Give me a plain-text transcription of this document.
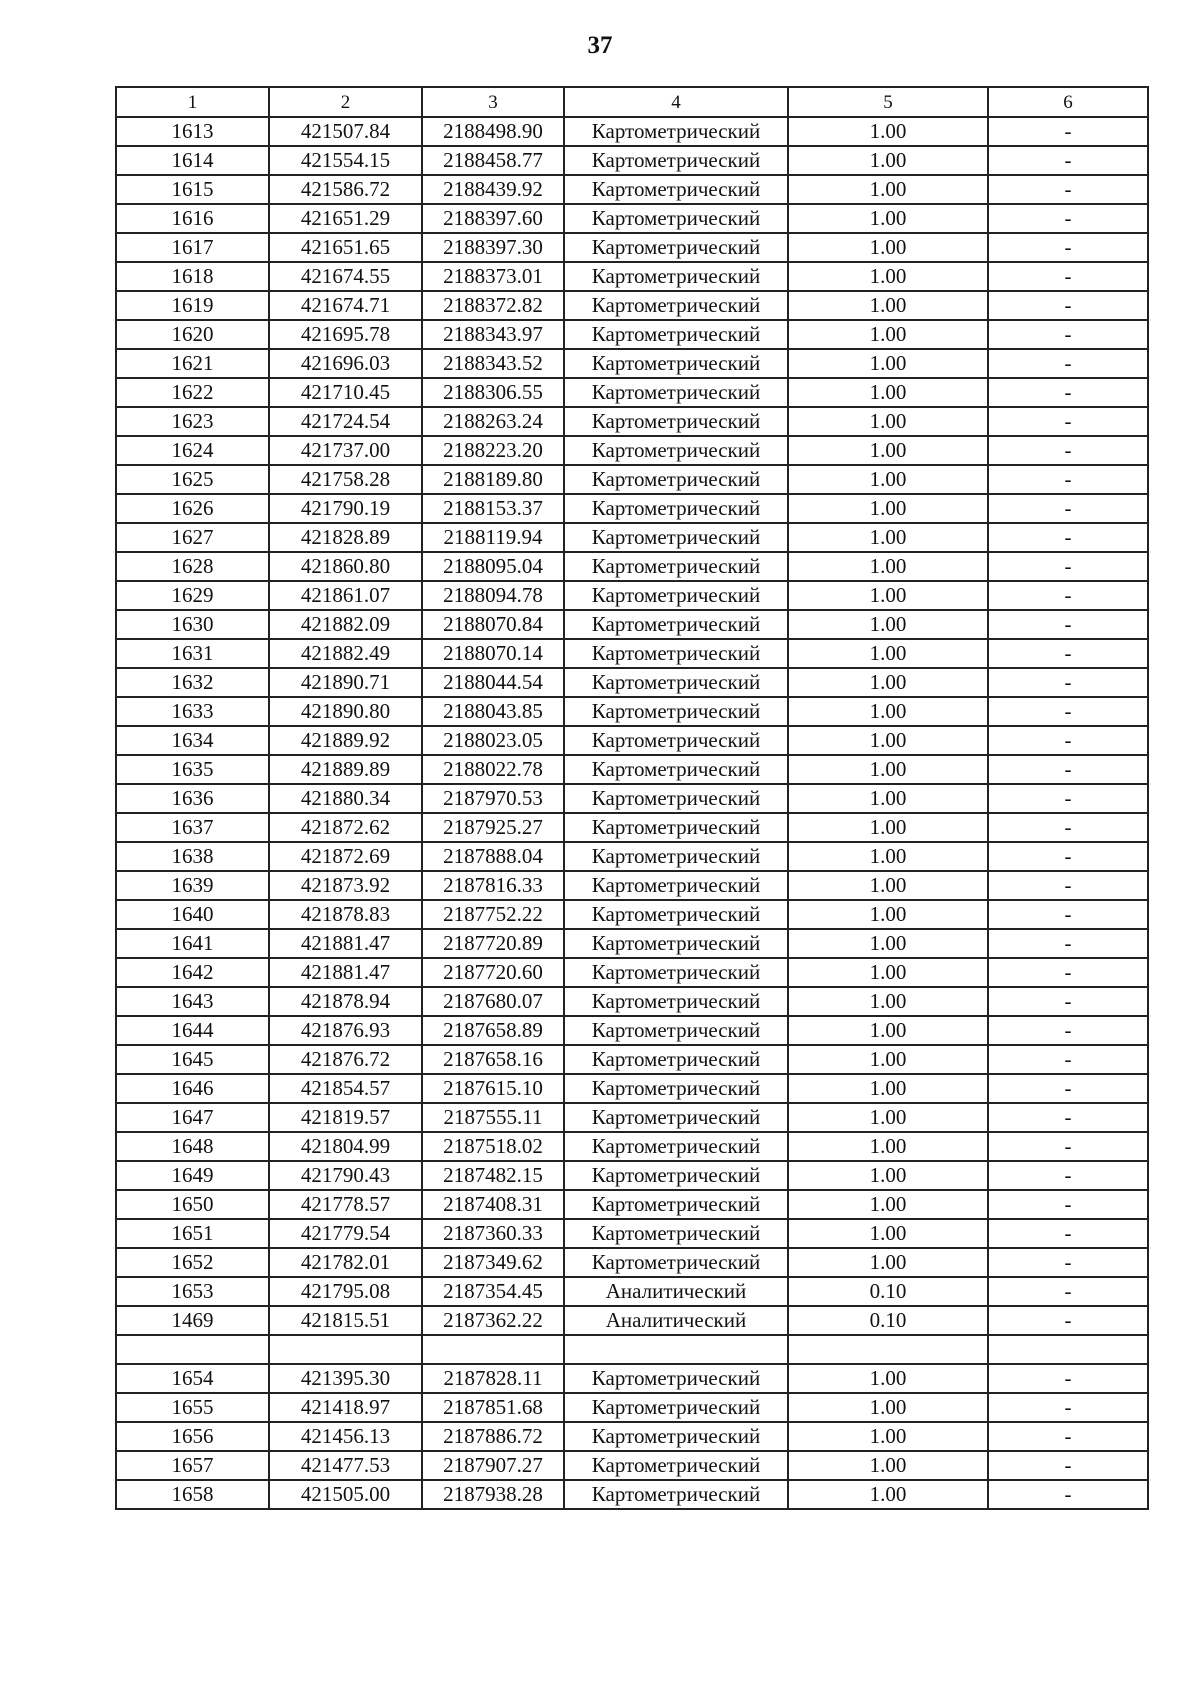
37
1	2	3	4	5	6
1613	421507.84	2188498.90	Картометрический	1.00	-
1614	421554.15	2188458.77	Картометрический	1.00	-
1615	421586.72	2188439.92	Картометрический	1.00	-
1616	421651.29	2188397.60	Картометрический	1.00	-
1617	421651.65	2188397.30	Картометрический	1.00	-
1618	421674.55	2188373.01	Картометрический	1.00	-
1619	421674.71	2188372.82	Картометрический	1.00	-
1620	421695.78	2188343.97	Картометрический	1.00	-
1621	421696.03	2188343.52	Картометрический	1.00	-
1622	421710.45	2188306.55	Картометрический	1.00	-
1623	421724.54	2188263.24	Картометрический	1.00	-
1624	421737.00	2188223.20	Картометрический	1.00	-
1625	421758.28	2188189.80	Картометрический	1.00	-
1626	421790.19	2188153.37	Картометрический	1.00	-
1627	421828.89	2188119.94	Картометрический	1.00	-
1628	421860.80	2188095.04	Картометрический	1.00	-
1629	421861.07	2188094.78	Картометрический	1.00	-
1630	421882.09	2188070.84	Картометрический	1.00	-
1631	421882.49	2188070.14	Картометрический	1.00	-
1632	421890.71	2188044.54	Картометрический	1.00	-
1633	421890.80	2188043.85	Картометрический	1.00	-
1634	421889.92	2188023.05	Картометрический	1.00	-
1635	421889.89	2188022.78	Картометрический	1.00	-
1636	421880.34	2187970.53	Картометрический	1.00	-
1637	421872.62	2187925.27	Картометрический	1.00	-
1638	421872.69	2187888.04	Картометрический	1.00	-
1639	421873.92	2187816.33	Картометрический	1.00	-
1640	421878.83	2187752.22	Картометрический	1.00	-
1641	421881.47	2187720.89	Картометрический	1.00	-
1642	421881.47	2187720.60	Картометрический	1.00	-
1643	421878.94	2187680.07	Картометрический	1.00	-
1644	421876.93	2187658.89	Картометрический	1.00	-
1645	421876.72	2187658.16	Картометрический	1.00	-
1646	421854.57	2187615.10	Картометрический	1.00	-
1647	421819.57	2187555.11	Картометрический	1.00	-
1648	421804.99	2187518.02	Картометрический	1.00	-
1649	421790.43	2187482.15	Картометрический	1.00	-
1650	421778.57	2187408.31	Картометрический	1.00	-
1651	421779.54	2187360.33	Картометрический	1.00	-
1652	421782.01	2187349.62	Картометрический	1.00	-
1653	421795.08	2187354.45	Аналитический	0.10	-
1469	421815.51	2187362.22	Аналитический	0.10	-

1654	421395.30	2187828.11	Картометрический	1.00	-
1655	421418.97	2187851.68	Картометрический	1.00	-
1656	421456.13	2187886.72	Картометрический	1.00	-
1657	421477.53	2187907.27	Картометрический	1.00	-
1658	421505.00	2187938.28	Картометрический	1.00	-
